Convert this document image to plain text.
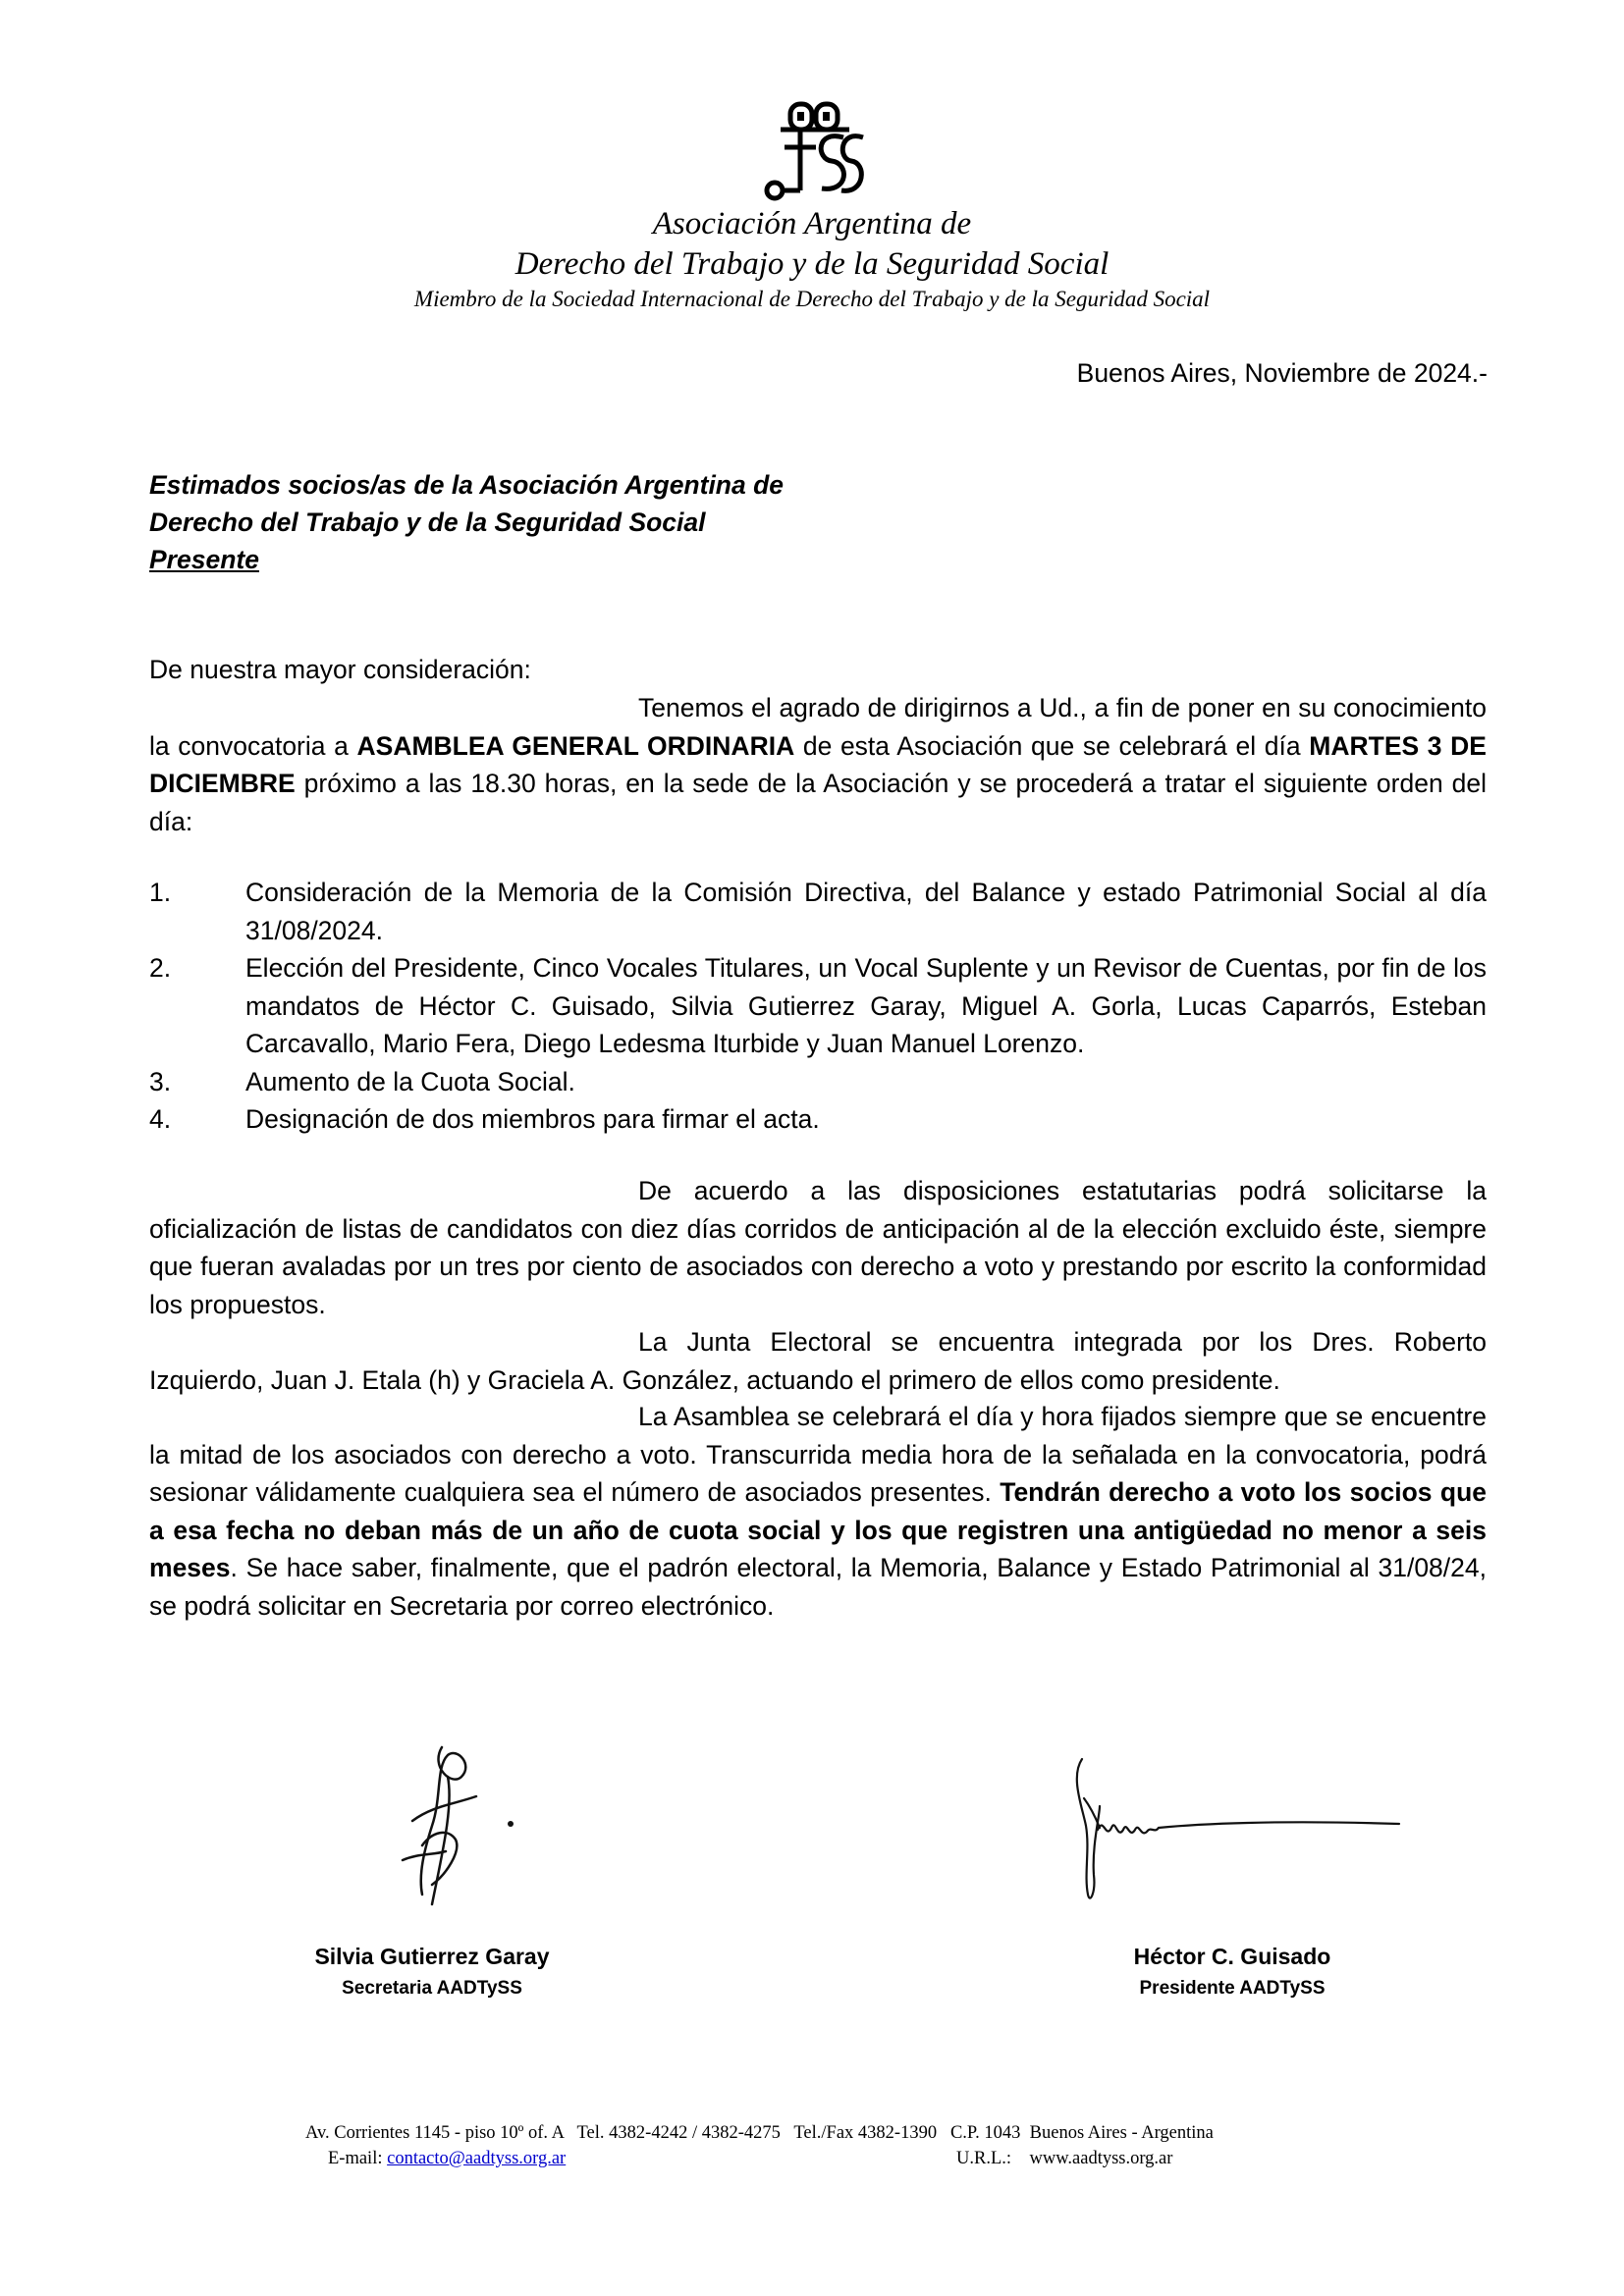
Asociación Argentina de
Derecho del Trabajo y de la Seguridad Social
Miembro de la Sociedad Internacional de Derecho del Trabajo y de la Seguridad Social
Buenos Aires, Noviembre de 2024.-
Estimados socios/as de la Asociación Argentina de
Derecho del Trabajo y de la Seguridad Social
Presente
De nuestra mayor consideración:
Tenemos el agrado de dirigirnos a Ud., a fin de poner en su conocimiento la convocatoria a ASAMBLEA GENERAL ORDINARIA de esta Asociación que se celebrará el día MARTES 3 DE DICIEMBRE próximo a las 18.30 horas, en la sede de la Asociación y se procederá a tratar el siguiente orden del día:
1.	Consideración de la Memoria de la Comisión Directiva, del Balance y estado Patrimonial Social al día 31/08/2024.
2.	Elección del Presidente, Cinco Vocales Titulares, un Vocal Suplente y un Revisor de Cuentas, por fin de los mandatos de Héctor C. Guisado, Silvia Gutierrez Garay, Miguel A. Gorla, Lucas Caparrós, Esteban Carcavallo, Mario Fera, Diego Ledesma Iturbide y Juan Manuel Lorenzo.
3.	Aumento de la Cuota Social.
4.	Designación de dos miembros para firmar el acta.
De acuerdo a las disposiciones estatutarias podrá solicitarse la oficialización de listas de candidatos con diez días corridos de anticipación al de la elección excluido éste, siempre que fueran avaladas por un tres por ciento de asociados con derecho a voto y prestando por escrito la conformidad los propuestos.
La Junta Electoral se encuentra integrada por los Dres. Roberto Izquierdo, Juan J. Etala (h) y Graciela A. González, actuando el primero de ellos como presidente.
La Asamblea se celebrará el día y hora fijados siempre que se encuentre la mitad de los asociados con derecho a voto. Transcurrida media hora de la señalada en la convocatoria, podrá sesionar válidamente cualquiera sea el número de asociados presentes. Tendrán derecho a voto los socios que a esa fecha no deban más de un año de cuota social y los que registren una antigüedad no menor a seis meses. Se hace saber, finalmente, que el padrón electoral, la Memoria, Balance y Estado Patrimonial al 31/08/24, se podrá solicitar en Secretaria por correo electrónico.
Silvia Gutierrez Garay
Secretaria AADTySS
Héctor C. Guisado
Presidente AADTySS
Av. Corrientes 1145 - piso 10º of. A   Tel. 4382-4242 / 4382-4275   Tel./Fax 4382-1390   C.P. 1043  Buenos Aires - Argentina
E-mail: contacto@aadtyss.org.ar	U.R.L.: www.aadtyss.org.ar
